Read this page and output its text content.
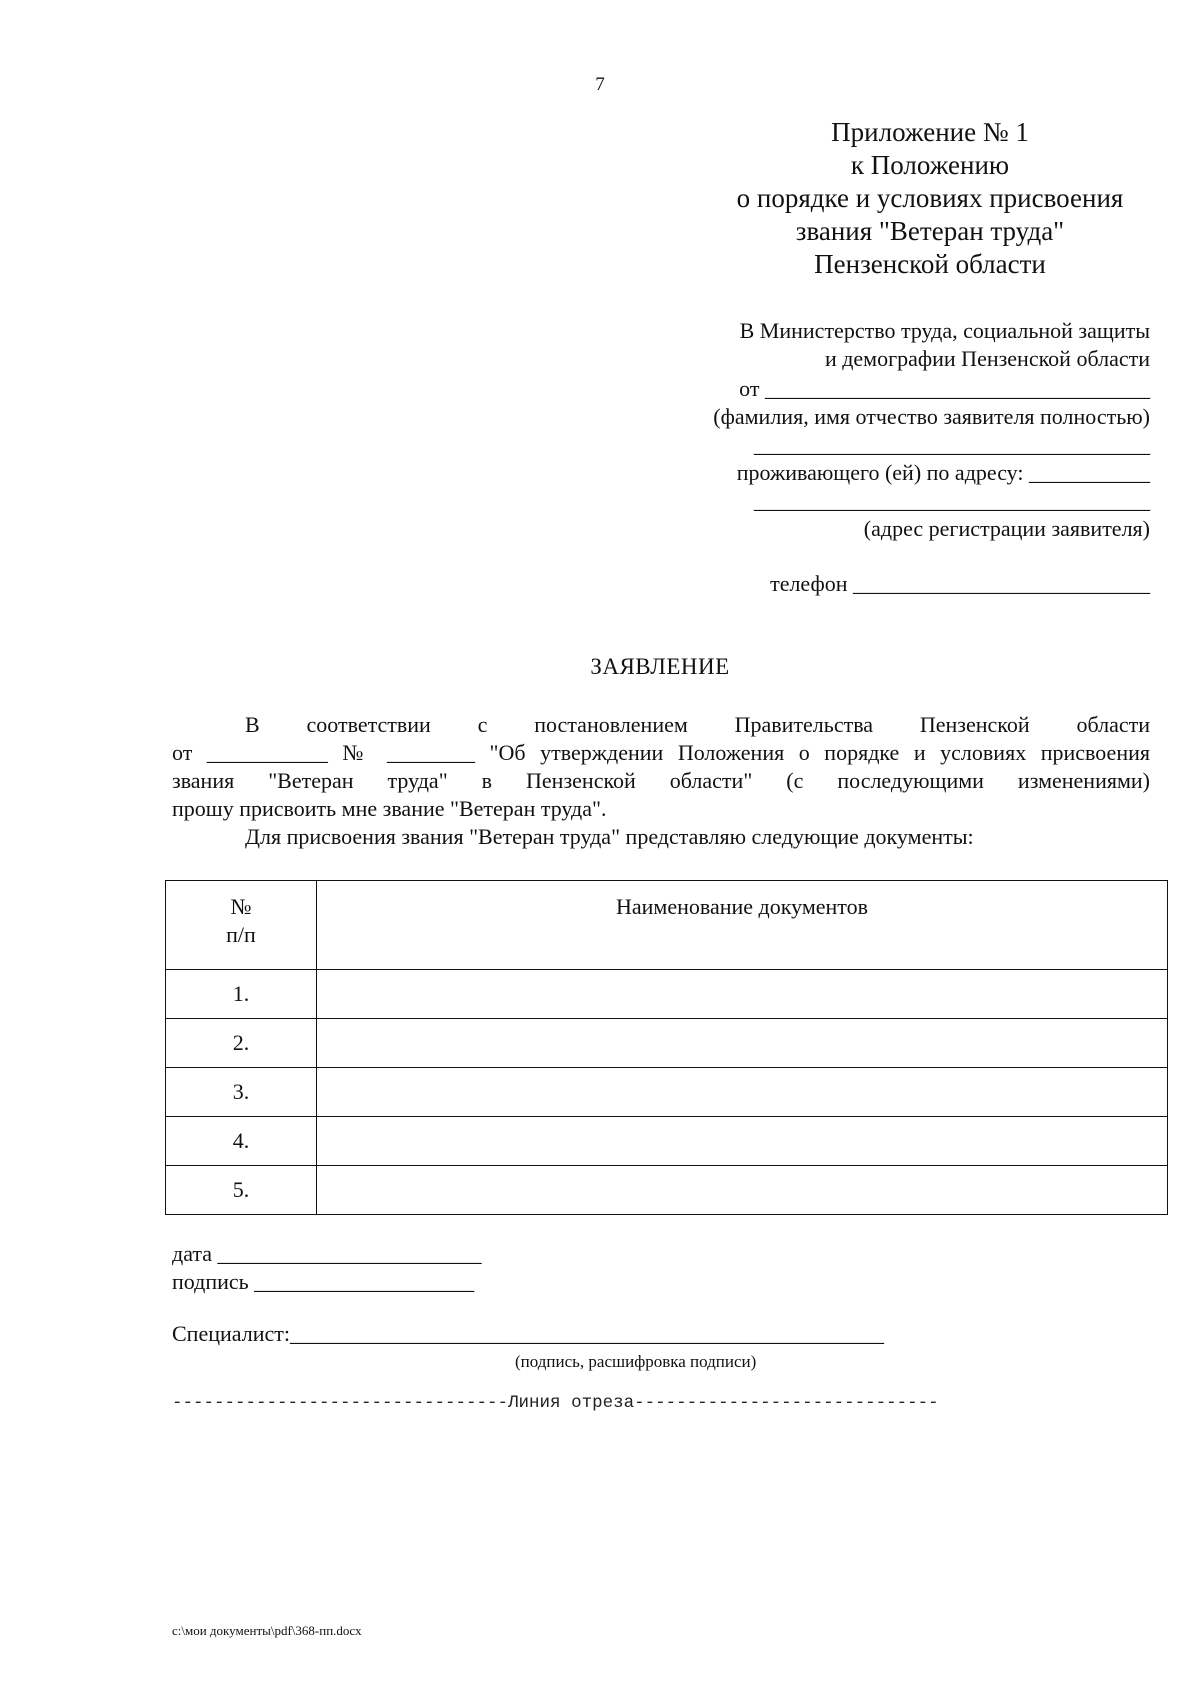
7
Приложение № 1
к Положению
о порядке и условиях присвоения
звания "Ветеран труда"
Пензенской области
В Министерство труда, социальной защиты
и демографии Пензенской области
от ___________________________________
(фамилия, имя отчество заявителя полностью)
____________________________________
проживающего (ей) по адресу: ___________
____________________________________
(адрес регистрации заявителя)
телефон ___________________________
ЗАЯВЛЕНИЕ
В соответствии с постановлением Правительства Пензенской области
от ___________ № ________ "Об утверждении Положения о порядке и условиях присвоения
звания "Ветеран труда" в Пензенской области" (с последующими изменениями)
прошу присвоить мне звание "Ветеран труда".
Для присвоения звания "Ветеран труда" представляю следующие документы:
№
п/п	Наименование документов
1.	
2.	
3.	
4.	
5.	
дата ________________________
подпись ____________________
Специалист:______________________________________________________
(подпись, расшифровка подписи)
--------------------------------Линия отреза-----------------------------
c:\мои документы\pdf\368-пп.docx
